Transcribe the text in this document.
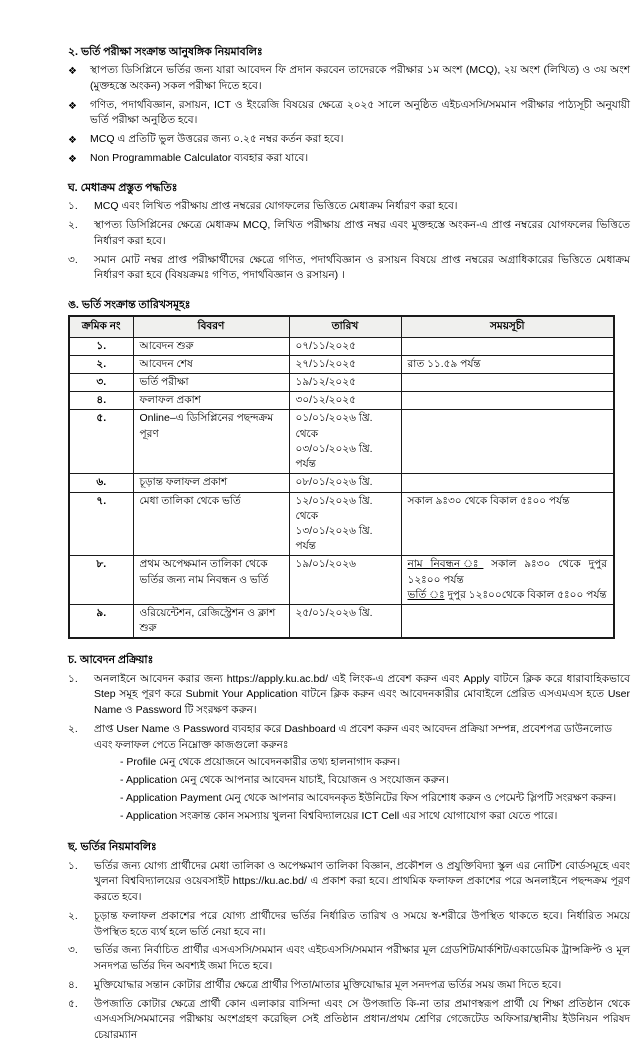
২. ভর্তি পরীক্ষা সংক্রান্ত আনুষঙ্গিক নিয়মাবলিঃ
❖	স্থাপত্য ডিসিপ্লিনে ভর্তির জন্য যারা আবেদন ফি প্রদান করবেন তাদেরকে পরীক্ষার ১ম অংশ (MCQ), ২য় অংশ (লিখিত) ও ৩য় অংশ (মুক্তহস্তে অংকন) সকল পরীক্ষা দিতে হবে।
❖	গণিত, পদার্থবিজ্ঞান, রসায়ন, ICT ও ইংরেজি বিষয়ের ক্ষেত্রে ২০২৫ সালে অনুষ্ঠিত এইচএসসি/সমমান পরীক্ষার পাঠ্যসূচী অনুযায়ী ভর্তি পরীক্ষা অনুষ্ঠিত হবে।
❖	MCQ এ প্রতিটি ভুল উত্তরের জন্য ০.২৫ নম্বর কর্তন করা হবে।
❖	Non Programmable Calculator ব্যবহার করা যাবে।
ঘ. মেধাক্রম প্রস্তুত পদ্ধতিঃ
১.	MCQ এবং লিখিত পরীক্ষায় প্রাপ্ত নম্বরের যোগফলের ভিত্তিতে মেধাক্রম নির্ধারণ করা হবে।
২.	স্থাপত্য ডিসিপ্লিনের ক্ষেত্রে মেধাক্রম MCQ, লিখিত পরীক্ষায় প্রাপ্ত নম্বর এবং মুক্তহস্তে অংকন-এ প্রাপ্ত নম্বরের যোগফলের ভিত্তিতে নির্ধারণ করা হবে।
৩.	সমান মোট নম্বর প্রাপ্ত পরীক্ষার্থীদের ক্ষেত্রে গণিত, পদার্থবিজ্ঞান ও রসায়ন বিষয়ে প্রাপ্ত নম্বরের অগ্রাধিকারের ভিত্তিতে মেধাক্রম নির্ধারণ করা হবে (বিষয়ক্রমঃ গণিত, পদার্থবিজ্ঞান ও রসায়ন) ।
ঙ. ভর্তি সংক্রান্ত তারিখসমূহঃ
ক্রমিক নং	বিবরণ	তারিখ	সময়সূচী
১.	আবেদন শুরু	০৭/১১/২০২৫	

২.	আবেদন শেষ	২৭/১১/২০২৫	রাত ১১.৫৯ পর্যন্ত

৩.	ভর্তি পরীক্ষা	১৯/১২/২০২৫	

৪.	ফলাফল প্রকাশ	৩০/১২/২০২৫	

৫.	Online–এ ডিসিপ্লিনের পছন্দক্রম পূরণ	০১/০১/২০২৬ খ্রি. থেকে
০৩/০১/২০২৬ খ্রি. পর্যন্ত	

৬.	চূড়ান্ত ফলাফল প্রকাশ	০৮/০১/২০২৬ খ্রি.	

৭.	মেধা তালিকা থেকে ভর্তি	১২/০১/২০২৬ খ্রি. থেকে
১৩/০১/২০২৬ খ্রি. পর্যন্ত	সকাল ৯ঃ৩০ থেকে বিকাল ৫ঃ০০ পর্যন্ত

৮.	প্রথম অপেক্ষমান তালিকা থেকে ভর্তির জন্য নাম নিবন্ধন ও ভর্তি	১৯/০১/২০২৬	নাম নিবন্ধন ঃ সকাল ৯ঃ৩০ থেকে দুপুর ১২ঃ০০ পর্যন্ত

ভর্তি ঃ দুপুর ১২ঃ০০থেকে বিকাল ৫ঃ০০ পর্যন্ত

৯.	ওরিয়েন্টেশন, রেজিস্ট্রেশন ও ক্লাশ শুরু	২৫/০১/২০২৬ খ্রি.	

চ. আবেদন প্রক্রিয়াঃ
১.	অনলাইনে আবেদন করার জন্য https://apply.ku.ac.bd/ এই লিংক-এ প্রবেশ করুন এবং Apply বাটনে ক্লিক করে ধারাবাহিকভাবে Step সমূহ পূরণ করে Submit Your Application বাটনে ক্লিক করুন এবং আবেদনকারীর মোবাইলে প্রেরিত এসএমএস হতে User Name ও Password টি সংরক্ষণ করুন।
২.	প্রাপ্ত User Name ও Password ব্যবহার করে Dashboard এ প্রবেশ করুন এবং আবেদন প্রক্রিয়া সম্পন্ন, প্রবেশপত্র ডাউনলোড এবং ফলাফল পেতে নিম্নোক্ত কাজগুলো করুনঃ
- Profile মেনু থেকে প্রয়োজনে আবেদনকারীর তথ্য হালনাগাদ করুন।
- Application মেনু থেকে আপনার আবেদন যাচাই, বিয়োজন ও সংযোজন করুন।
- Application Payment মেনু থেকে আপনার আবেদনকৃত ইউনিটের ফিস পরিশোধ করুন ও পেমেন্ট স্লিপটি সংরক্ষণ করুন।
- Application সংক্রান্ত কোন সমস্যায় খুলনা বিশ্ববিদ্যালয়ের ICT Cell এর সাথে যোগাযোগ করা যেতে পারে।
ছ. ভর্তির নিয়মাবলিঃ
১.	ভর্তির জন্য যোগ্য প্রার্থীদের মেধা তালিকা ও অপেক্ষমাণ তালিকা বিজ্ঞান, প্রকৌশল ও প্রযুক্তিবিদ্যা স্কুল এর নোটিশ বোর্ডসমূহে এবং খুলনা বিশ্ববিদ্যালয়ের ওয়েবসাইট https://ku.ac.bd/ এ প্রকাশ করা হবে। প্রাথমিক ফলাফল প্রকাশের পরে অনলাইনে পছন্দক্রম পূরণ করতে হবে।
২.	চূড়ান্ত ফলাফল প্রকাশের পরে যোগ্য প্রার্থীদের ভর্তির নির্ধারিত তারিখ ও সময়ে স্ব-শরীরে উপস্থিত থাকতে হবে। নির্ধারিত সময়ে উপস্থিত হতে ব্যর্থ হলে ভর্তি নেয়া হবে না।
৩.	ভর্তির জন্য নির্বাচিত প্রার্থীর এসএসসি/সমমান এবং এইচএসসি/সমমান পরীক্ষার মূল গ্রেডশিট/মার্কশিট/একাডেমিক ট্রান্সক্রিপ্ট ও মূল সনদপত্র ভর্তির দিন অবশ্যই জমা দিতে হবে।
৪.	মুক্তিযোদ্ধার সন্তান কোটার প্রার্থীর ক্ষেত্রে প্রার্থীর পিতা/মাতার মুক্তিযোদ্ধার মূল সনদপত্র ভর্তির সময় জমা দিতে হবে।
৫.	উপজাতি কোটার ক্ষেত্রে প্রার্থী কোন এলাকার বাসিন্দা এবং সে উপজাতি কি-না তার প্রমাণস্বরূপ প্রার্থী যে শিক্ষা প্রতিষ্ঠান থেকে এসএসসি/সমমানের পরীক্ষায় অংশগ্রহণ করেছিল সেই প্রতিষ্ঠান প্রধান/প্রথম শ্রেণির গেজেটেড অফিসার/স্থানীয় ইউনিয়ন পরিষদ চেয়ারম্যান
